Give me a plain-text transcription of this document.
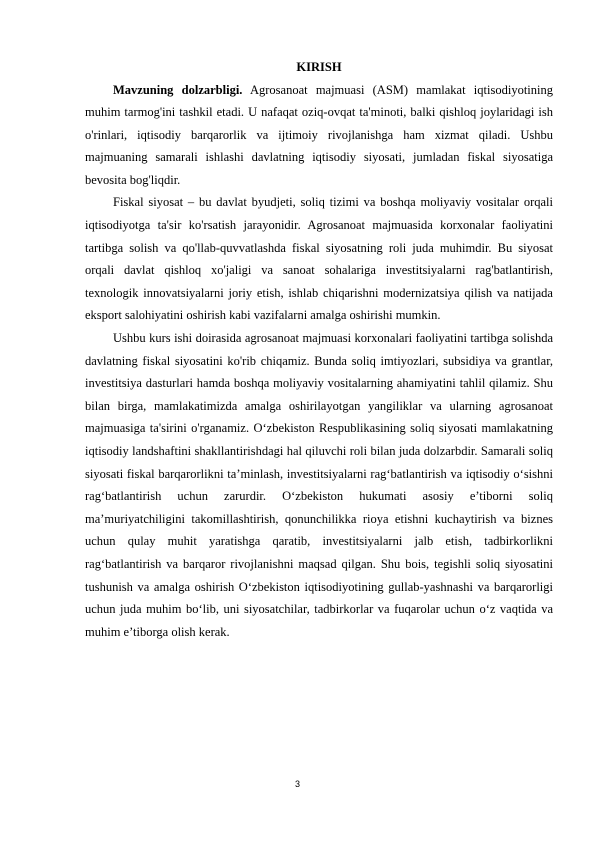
KIRISH

Mavzuning dolzarbligi. Agrosanoat majmuasi (ASM) mamlakat iqtisodiyotining muhim tarmog'ini tashkil etadi. U nafaqat oziq-ovqat ta'minoti, balki qishloq joylaridagi ish o'rinlari, iqtisodiy barqarorlik va ijtimoiy rivojlanishga ham xizmat qiladi. Ushbu majmuaning samarali ishlashi davlatning iqtisodiy siyosati, jumladan fiskal siyosatiga bevosita bog'liqdir.

Fiskal siyosat – bu davlat byudjeti, soliq tizimi va boshqa moliyaviy vositalar orqali iqtisodiyotga ta'sir ko'rsatish jarayonidir. Agrosanoat majmuasida korxonalar faoliyatini tartibga solish va qo'llab-quvvatlashda fiskal siyosatning roli juda muhimdir. Bu siyosat orqali davlat qishloq xo'jaligi va sanoat sohalariga investitsiyalarni rag'batlantirish, texnologik innovatsiyalarni joriy etish, ishlab chiqarishni modernizatsiya qilish va natijada eksport salohiyatini oshirish kabi vazifalarni amalga oshirishi mumkin.

Ushbu kurs ishi doirasida agrosanoat majmuasi korxonalari faoliyatini tartibga solishda davlatning fiskal siyosatini ko'rib chiqamiz. Bunda soliq imtiyozlari, subsidiya va grantlar, investitsiya dasturlari hamda boshqa moliyaviy vositalarning ahamiyatini tahlil qilamiz. Shu bilan birga, mamlakatimizda amalga oshirilayotgan yangiliklar va ularning agrosanoat majmuasiga ta'sirini o'rganamiz. O‘zbekiston Respublikasining soliq siyosati mamlakatning iqtisodiy landshaftini shakllantirishdagi hal qiluvchi roli bilan juda dolzarbdir. Samarali soliq siyosati fiskal barqarorlikni ta’minlash, investitsiyalarni rag‘batlantirish va iqtisodiy o‘sishni rag‘batlantirish uchun zarurdir. O‘zbekiston hukumati asosiy e’tiborni soliq ma’muriyatchiligini takomillashtirish, qonunchilikka rioya etishni kuchaytirish va biznes uchun qulay muhit yaratishga qaratib, investitsiyalarni jalb etish, tadbirkorlikni rag‘batlantirish va barqaror rivojlanishni maqsad qilgan. Shu bois, tegishli soliq siyosatini tushunish va amalga oshirish O‘zbekiston iqtisodiyotining gullab-yashnashi va barqarorligi uchun juda muhim bo‘lib, uni siyosatchilar, tadbirkorlar va fuqarolar uchun o‘z vaqtida va muhim e’tiborga olish kerak.

3
